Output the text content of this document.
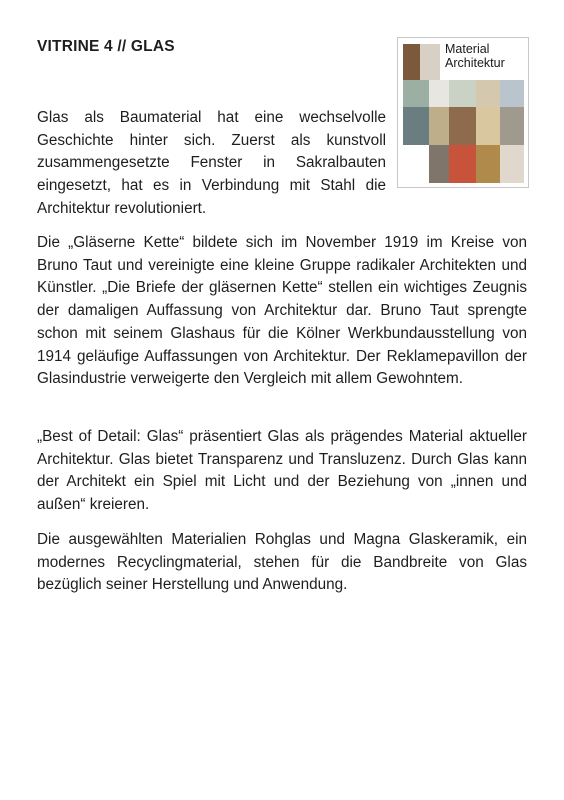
VITRINE 4 // GLAS

Glas als Baumaterial hat eine wechselvolle Geschichte hinter sich. Zuerst als kunstvoll zusammengesetzte Fenster in Sakralbauten eingesetzt, hat es in Verbindung mit Stahl die Architektur revolutioniert.

Material
Architektur

Die „Gläserne Kette“ bildete sich im November 1919 im Kreise von Bruno Taut und vereinigte eine kleine Gruppe radikaler Architekten und Künstler. „Die Briefe der gläsernen Kette“ stellen ein wichtiges Zeugnis der damaligen Auffassung von Architektur dar. Bruno Taut sprengte schon mit seinem Glashaus für die Kölner Werkbundausstellung von 1914 geläufige Auffassungen von Architektur. Der Reklamepavillon der Glasindustrie verweigerte den Vergleich mit allem Gewohntem.

„Best of Detail: Glas“ präsentiert Glas als prägendes Material aktueller Architektur. Glas bietet Transparenz und Transluzenz. Durch Glas kann der Architekt ein Spiel mit Licht und der Beziehung von „innen und außen“ kreieren.

Die ausgewählten Materialien Rohglas und Magna Glaskeramik, ein modernes Recyclingmaterial, stehen für die Bandbreite von Glas bezüglich seiner Herstellung und Anwendung.
